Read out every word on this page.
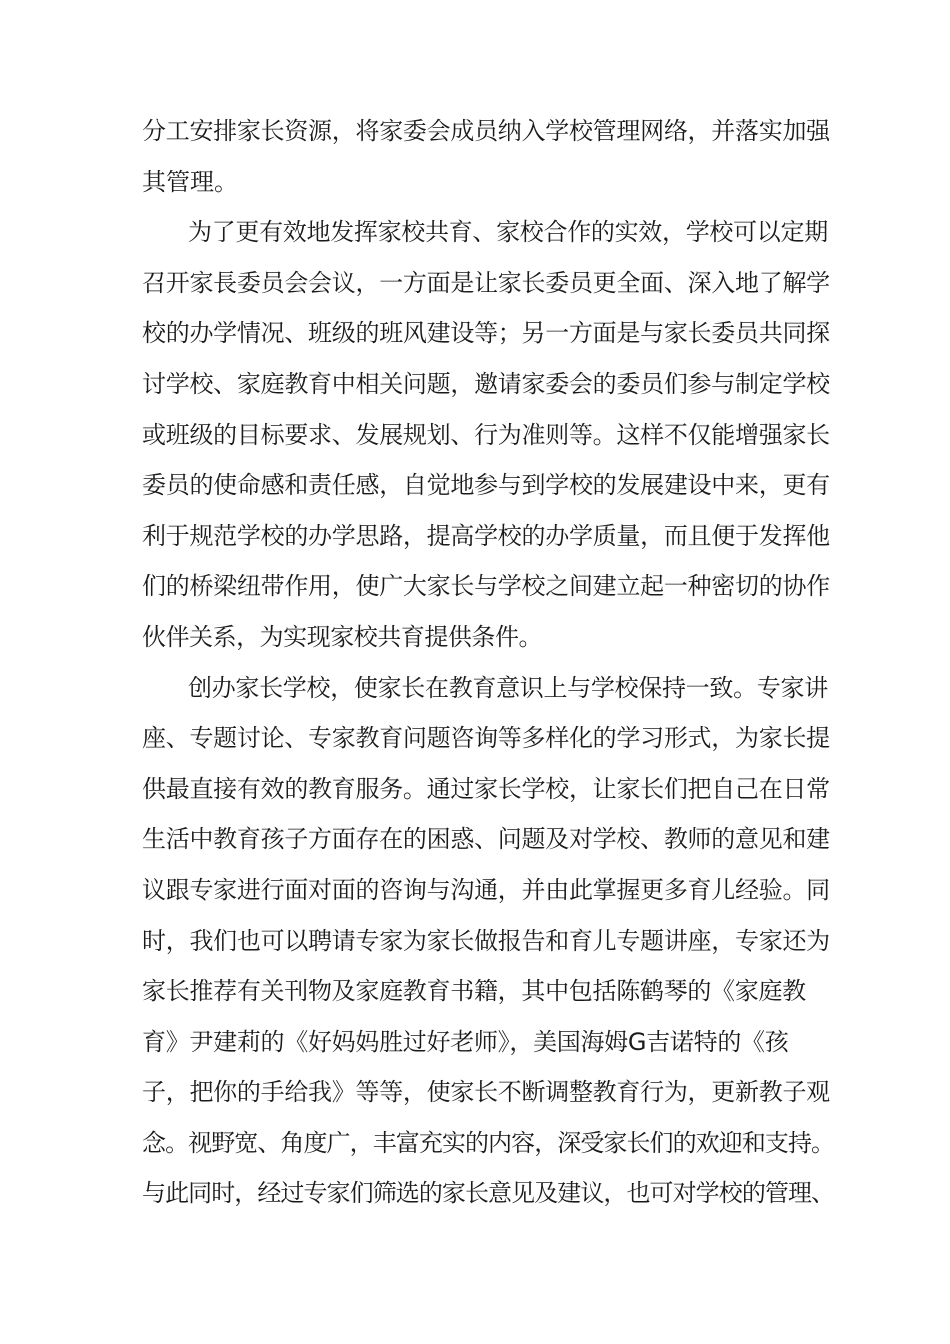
分工安排家长资源，将家委会成员纳入学校管理网络，并落实加强
其管理。
为了更有效地发挥家校共育、家校合作的实效，学校可以定期
召开家長委员会会议，一方面是让家长委员更全面、深入地了解学
校的办学情况、班级的班风建设等；另一方面是与家长委员共同探
讨学校、家庭教育中相关问题，邀请家委会的委员们参与制定学校
或班级的目标要求、发展规划、行为准则等。这样不仅能增强家长
委员的使命感和责任感，自觉地参与到学校的发展建设中来，更有
利于规范学校的办学思路，提高学校的办学质量，而且便于发挥他
们的桥梁纽带作用，使广大家长与学校之间建立起一种密切的协作
伙伴关系，为实现家校共育提供条件。
创办家长学校，使家长在教育意识上与学校保持一致。专家讲
座、专题讨论、专家教育问题咨询等多样化的学习形式，为家长提
供最直接有效的教育服务。通过家长学校，让家长们把自己在日常
生活中教育孩子方面存在的困惑、问题及对学校、教师的意见和建
议跟专家进行面对面的咨询与沟通，并由此掌握更多育儿经验。同
时，我们也可以聘请专家为家长做报告和育儿专题讲座，专家还为
家长推荐有关刊物及家庭教育书籍，其中包括陈鹤琴的《家庭教
育》尹建莉的《好妈妈胜过好老师》，美国海姆G吉诺特的《孩
子，把你的手给我》等等，使家长不断调整教育行为，更新教子观
念。视野宽、角度广，丰富充实的内容，深受家长们的欢迎和支持。
与此同时，经过专家们筛选的家长意见及建议，也可对学校的管理、
